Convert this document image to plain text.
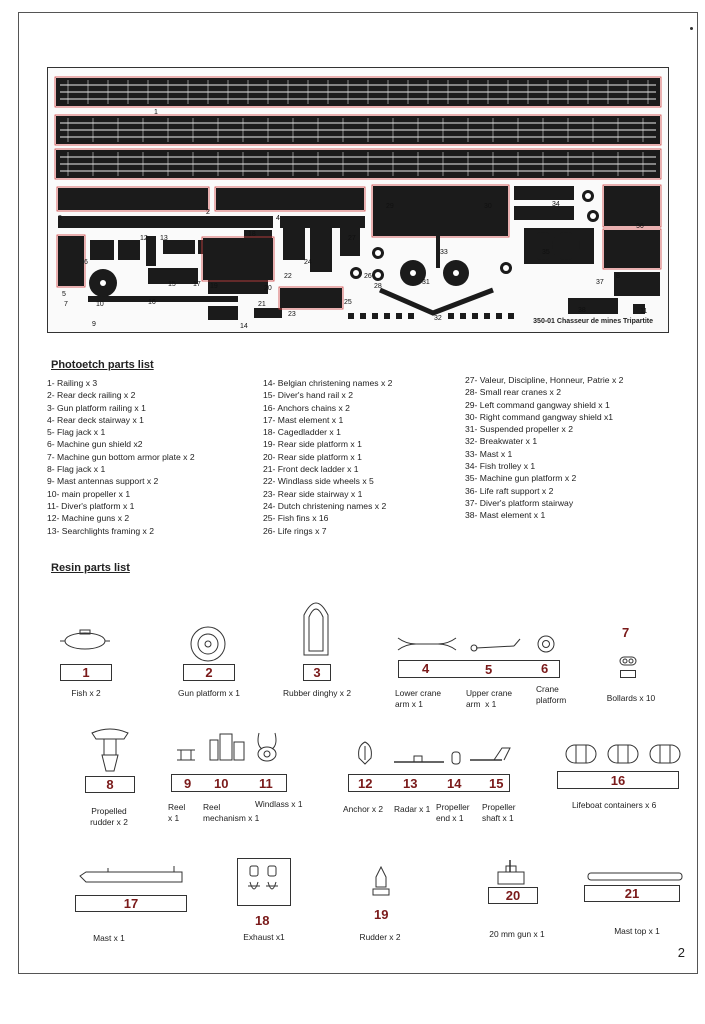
1
2
3	4
5
6
7
8
9
10
11
12 13
14
15
16
17
18
19	20
21
22
23
24
25
26
27
28
29	30
31
32
33
34
35
36
37
38
350-01 Chasseur de mines Tripartite
Photoetch parts list
1- Railing x 3
2- Rear deck railing x 2
3- Gun platform railing x 1
4- Rear deck stairway x 1
5- Flag jack x 1
6- Machine gun shield x2
7- Machine gun bottom armor plate x 2
8- Flag jack x 1
9- Mast antennas support x 2
10- main propeller x 1
11- Diver's platform x 1
12- Machine guns x 2
13- Searchlights framing x 2
14- Belgian christening names x 2
15- Diver's hand rail x 2
16- Anchors chains x 2
17- Mast element x 1
18- Cagedladder x 1
19- Rear side platform x 1
20- Rear side platform x 1
21- Front deck ladder x 1
22- Windlass side wheels x 5
23- Rear side stairway x 1
24- Dutch christening names x 2
25- Fish fins x 16
26- Life rings x 7
27- Valeur, Discipline, Honneur, Patrie x 2
28- Small rear cranes x 2
29- Left command gangway shield x 1
30- Right command gangway shield x1
31- Suspended propeller x 2
32- Breakwater x 1
33- Mast x 1
34- Fish trolley x 1
35- Machine gun platform x 2
36- Life raft support x 2
37- Diver's platform stairway
38- Mast element x 1
Resin parts list
1	2	3	4	5	6
7
Fish x 2	Gun platform x 1	Rubber dinghy x 2	Lower crane
arm x 1
Upper crane
arm  x 1
Crane
platform	Bollards x 10
8	9 10 11	12 13 14 15	16
Propelled
rudder x 2
Reel
x 1
Reel
mechanism x 1
Windlass x 1	Anchor x 2	Radar x 1 Propeller
end x 1
Propeller
shaft x 1
Lifeboat containers x 6
17
18	19
20	21
Mast x 1	Exhaust x1	Rudder x 2	20 mm gun x 1	Mast top x 1
2
